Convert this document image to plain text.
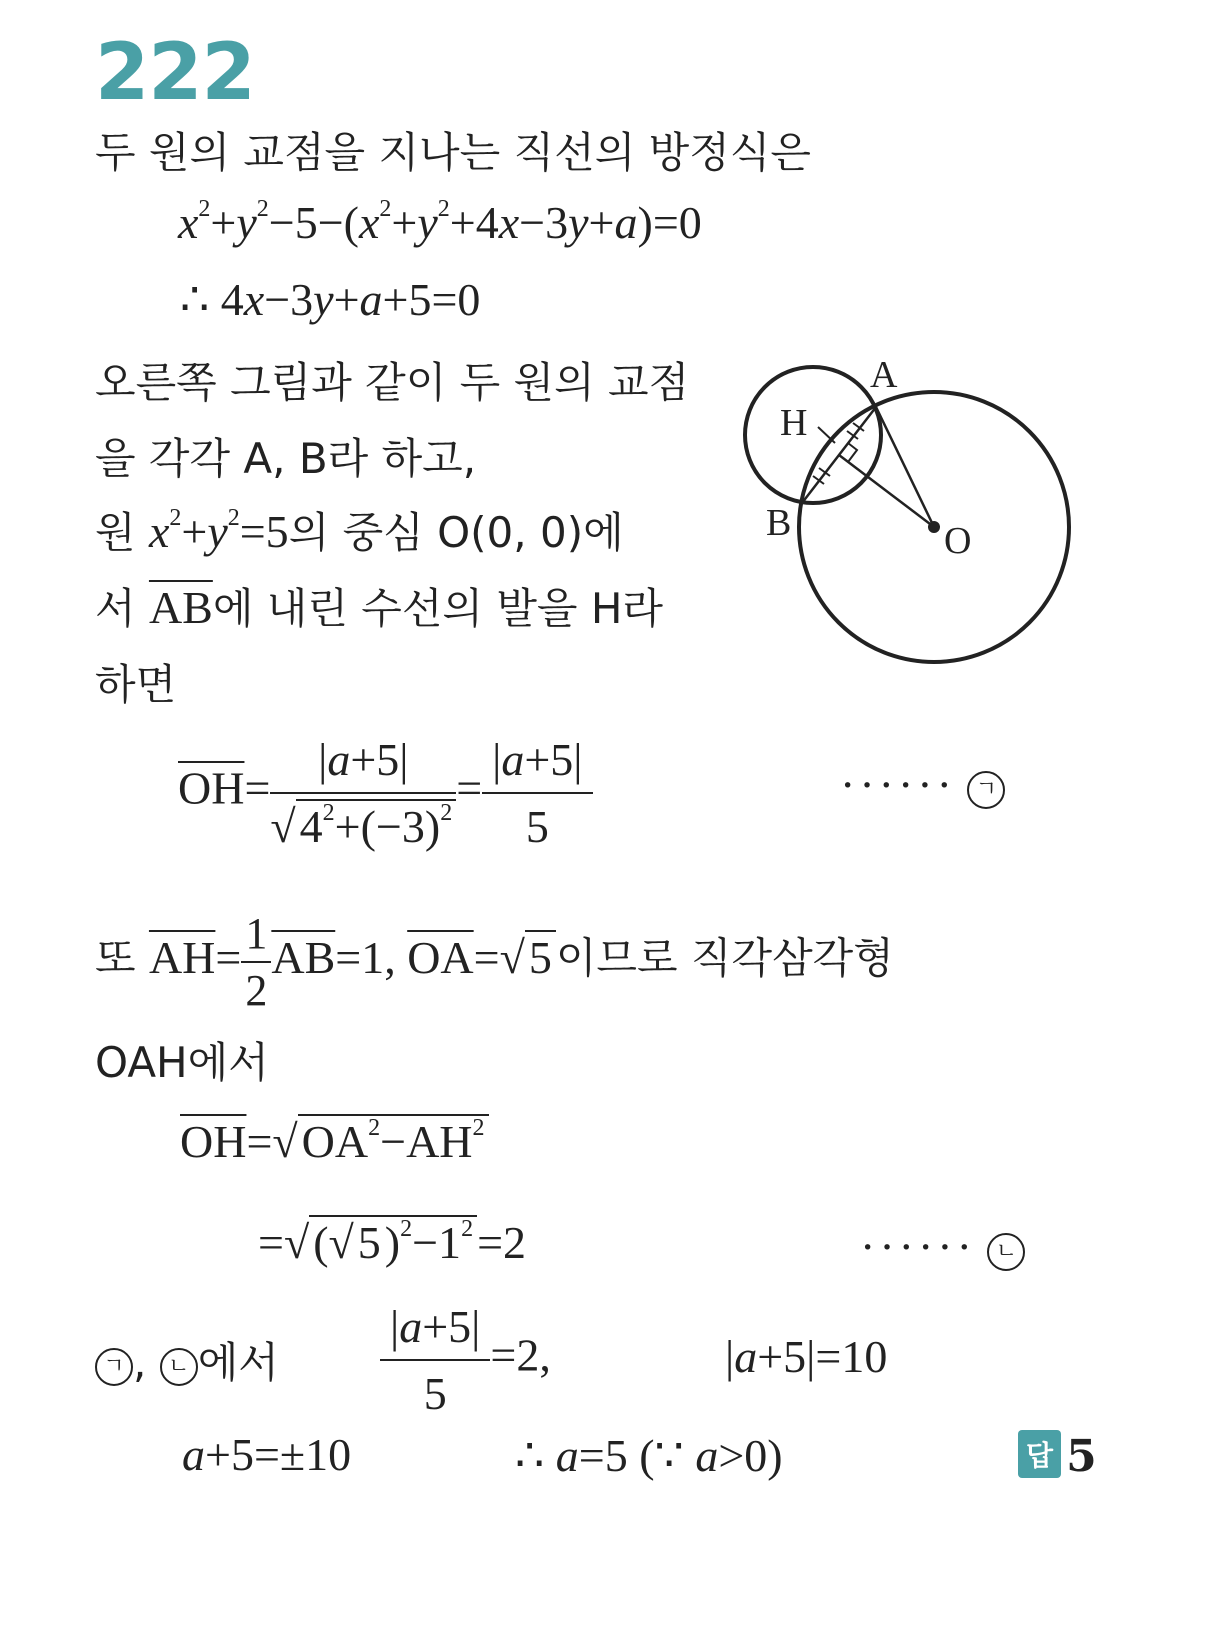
222
두 원의 교점을 지나는 직선의 방정식은
$x^2+y^2-5-(x^2+y^2+4x-3y+a)=0$
∴ 4x−3y+a+5=0
오른쪽 그림과 같이 두 원의 교점
을 각각 A, B라 하고,
원 $x^2+y^2=5$의 중심 O(0, 0)에
서 $\overline{AB}$에 내린 수선의 발을 H라
하면
A
H
B	O
$\overline{OH}= \frac{|a+5|}{√4^2+(-3)^2} = \frac{|a+5|}{5}$	······ ㄱ
또 $\overline{AH}= \frac{1}{2} \overline{AB}=1$, $\overline{OA}=√5$이므로 직각삼각형
OAH에서
$\overline{OH}=√OA^2-\overline{AH}^2$
$=√(√5)^2-1^2=2$	······ ㄴ
ㄱ , ㄴ 에서 $\frac{|a+5|}{5} =2$,	|a+5|=10
a+5=±10	∴ a=5 (∵ a>0)	답 5
